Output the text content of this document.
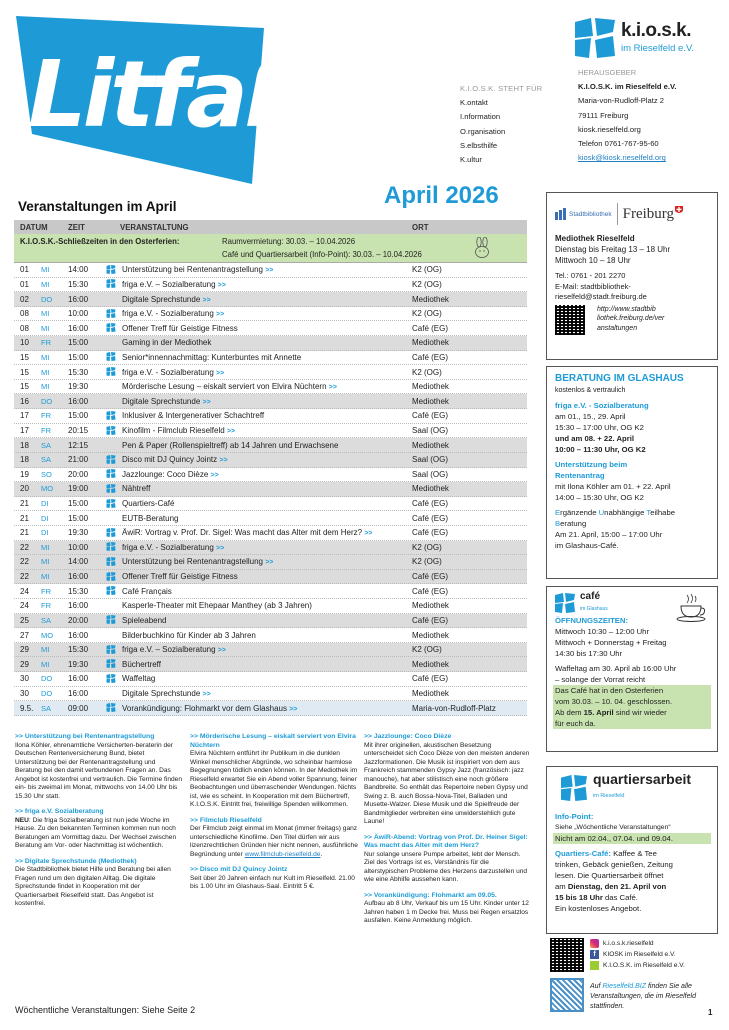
Litfaß	K.I.O.S.K. STEHT FÜR
K.ontakt
I.nformation
O.rganisation
S.elbsthilfe
K.ultur
k.i.o.s.k.
im Rieselfeld e.V.
HERAUSGEBER
K.I.O.S.K. im Rieselfeld e.V.
Maria-von-Rudloff-Platz 2
79111 Freiburg
kiosk.rieselfeld.org
Telefon 0761-767-95-60
kiosk@kiosk.rieselfeld.org
April 2026
Veranstaltungen im April
DATUM	ZEIT	VERANSTALTUNG	ORT
K.I.O.S.K.-Schließzeiten in den Osterferien:	Raumvermietung: 30.03. – 10.04.2026
Café und Quartiersarbeit (Info-Point): 30.03. – 10.04.2026
01	MI	14:00	Unterstützung bei Rentenantragstellung >>	K2 (OG)
01	MI	15:30	friga e.V. – Sozialberatung >>	K2 (OG)
02	DO	16:00	Digitale Sprechstunde >>	Mediothek
08	MI	10:00	friga e.V. - Sozialberatung >>	K2 (OG)
08	MI	16:00	Offener Treff für Geistige Fitness	Café (EG)
10	FR	15:00	Gaming in der Mediothek	Mediothek
15	MI	15:00	Senior*innennachmittag: Kunterbuntes mit Annette	Café (EG)
15	MI	15:30	friga e.V. - Sozialberatung >>	K2 (OG)
15	MI	19:30	Mörderische Lesung – eiskalt serviert von Elvira Nüchtern >>	Mediothek
16	DO	16:00	Digitale Sprechstunde >>	Mediothek
17	FR	15:00	Inklusiver & Intergenerativer Schachtreff	Café (EG)
17	FR	20:15	Kinofilm - Filmclub Rieselfeld >>	Saal (OG)
18	SA	12:15	Pen & Paper (Rollenspieltreff) ab 14 Jahren und Erwachsene	Mediothek
18	SA	21:00	Disco mit DJ Quincy Jointz >>	Saal (OG)
19	SO	20:00	Jazzlounge: Coco Dièze >>	Saal (OG)
20	MO	19:00	Nähtreff	Mediothek
21	DI	15:00	Quartiers-Café	Café (EG)
21	DI	15:00	EUTB-Beratung	Café (EG)
21	DI	19:30	ÄwiR: Vortrag v. Prof. Dr. Sigel: Was macht das Alter mit dem Herz? >>	Café (EG)
22	MI	10:00	friga e.V. - Sozialberatung >>	K2 (OG)
22	MI	14:00	Unterstützung bei Rentenantragstellung >>	K2 (OG)
22	MI	16:00	Offener Treff für Geistige Fitness	Café (EG)
24	FR	15:30	Café Français	Café (EG)
24	FR	16:00	Kasperle-Theater mit Ehepaar Manthey (ab 3 Jahren)	Mediothek
25	SA	20:00	Spieleabend	Café (EG)
27	MO	16:00	Bilderbuchkino für Kinder ab 3 Jahren	Mediothek
29	MI	15:30	friga e.V. – Sozialberatung >>	K2 (OG)
29	MI	19:30	Büchertreff	Mediothek
30	DO	16:00	Waffeltag	Café (EG)
30	DO	16:00	Digitale Sprechstunde >>	Mediothek
9.5.	SA	09:00	Vorankündigung: Flohmarkt vor dem Glashaus >>	Maria-von-Rudloff-Platz

>> Unterstützung bei Rentenantragstellung
Ilona Köhler, ehrenamtliche Versicherten-beraterin der Deutschen Rentenversicherung Bund, bietet Unterstützung bei der Rentenantragstellung und Beratung bei den damit verbundenen Fragen an. Das Angebot ist kostenfrei und vertraulich. Die Termine finden ein- bis zweimal im Monat, mittwochs von 14.00 Uhr bis 15.30 Uhr statt.

>> friga e.V. Sozialberatung
NEU: Die friga Sozialberatung ist nun jede Woche im Hause. Zu den bekannten Terminen kommen nun noch Beratungen am Vormittag dazu. Der Wechsel zwischen Beratung am Vor- oder Nachmittag ist wöchentlich.

>> Digitale Sprechstunde (Mediothek)
Die Stadtbibliothek bietet Hilfe und Beratung bei allen Fragen rund um den digitalen Alltag. Die digitale Sprechstunde findet in Kooperation mit der Quartiersarbeit Rieselfeld statt. Das Angebot ist kostenfrei.

>> Mörderische Lesung – eiskalt serviert von Elvira Nüchtern
Elvira Nüchtern entführt ihr Publikum in die dunklen Winkel menschlicher Abgründe, wo scheinbar harmlose Begegnungen tödlich enden können. In der Mediothek im Rieselfeld erwartet Sie ein Abend voller Spannung, feiner Beobachtungen und überraschender Wendungen. Nichts ist, wie es scheint. In Kooperation mit dem Büchertreff, K.I.O.S.K. Eintritt frei, freiwillige Spenden willkommen.

>> Filmclub Rieselfeld
Der Filmclub zeigt einmal im Monat (immer freitags) ganz unterschiedliche Kinofilme. Den Titel dürfen wir aus lizenzrechtlichen Gründen hier nicht nennen, ausführliche Begründung unter www.filmclub-rieselfeld.de.

>> Disco mit DJ Quincy Jointz
Seit über 20 Jahren einfach nur Kult im Rieselfeld. 21.00 bis 1.00 Uhr im Glashaus-Saal. Eintritt 5 €.

>> Jazzlounge: Coco Dièze
Mit ihrer originellen, akustischen Besetzung unterscheidet sich Coco Dièze von den meisten anderen Jazzformationen. Die Musik ist inspiriert von dem aus Frankreich stammenden Gypsy Jazz (französisch: jazz manouche), hat aber stilistisch eine noch größere Bandbreite. So enthält das Repertoire neben Gypsy und Swing z. B. auch Bossa-Nova-Titel, Balladen und Musette-Walzer. Diese Musik und die Spielfreude der Bandmitglieder verbreiten eine unwiderstehlich gute Laune!

>> ÄwiR-Abend: Vortrag von Prof. Dr. Heiner Sigel: Was macht das Alter mit dem Herz?
Nur solange unsere Pumpe arbeitet, lebt der Mensch. Ziel des Vortrags ist es, Verständnis für die alterstypischen Probleme des Herzens darzustellen und wie eine Abhilfe aussehen kann.

>> Vorankündigung: Flohmarkt am 09.05.
Aufbau ab 8 Uhr, Verkauf bis um 15 Uhr. Kinder unter 12 Jahren haben 1 m Decke frei. Muss bei Regen ersatzlos ausfallen. Keine Anmeldung möglich.

Wöchentliche Veranstaltungen: Siehe Seite 2	1
Stadtbibliothek Freiburg
Mediothek Rieselfeld
Dienstag bis Freitag 13 – 18 Uhr
Mittwoch 10 – 18 Uhr
Tel.: 0761 - 201 2270
E-Mail: stadtbibliothek-
rieselfeld@stadt.freiburg.de
http://www.stadtbib
liothek.freiburg.de/ver
anstaltungen
BERATUNG IM GLASHAUS
kostenlos & vertraulich
friga e.V. - Sozialberatung
am 01., 15., 29. April
15:30 – 17:00 Uhr, OG K2
und am 08. + 22. April
10:00 – 11:30 Uhr, OG K2
Unterstützung beim
Rentenantrag
mit Ilona Köhler am 01. + 22. April
14:00 – 15:30 Uhr, OG K2
Ergänzende Unabhängige Teilhabe
Beratung
Am 21. April, 15:00 – 17:00 Uhr
im Glashaus-Café.
café
im Glashaus
ÖFFNUNGSZEITEN:
Mittwoch 10:30 – 12:00 Uhr
Mittwoch + Donnerstag + Freitag
14:30 bis 17:30 Uhr
Waffeltag am 30. April ab 16:00 Uhr
– solange der Vorrat reicht
Das Café hat in den Osterferien
vom 30.03. – 10. 04. geschlossen.
Ab dem 15. April sind wir wieder
für euch da.
quartiersarbeit
im Rieselfeld
Info-Point:
Siehe „Wöchentliche Veranstaltungen“
Nicht am 02.04., 07.04. und 09.04.
Quartiers-Café: Kaffee & Tee
trinken, Gebäck genießen, Zeitung
lesen. Die Quartiersarbeit öffnet
am Dienstag, den 21. April von
15 bis 18 Uhr das Café.
Ein kostenloses Angebot.
k.i.o.s.k.rieselfeld
f	KIOSK im Rieselfeld e.V.
K.I.O.S.K. im Rieselfeld e.V.
Auf Rieselfeld.BIZ finden Sie alle Veranstaltungen, die im Rieselfeld stattfinden.
